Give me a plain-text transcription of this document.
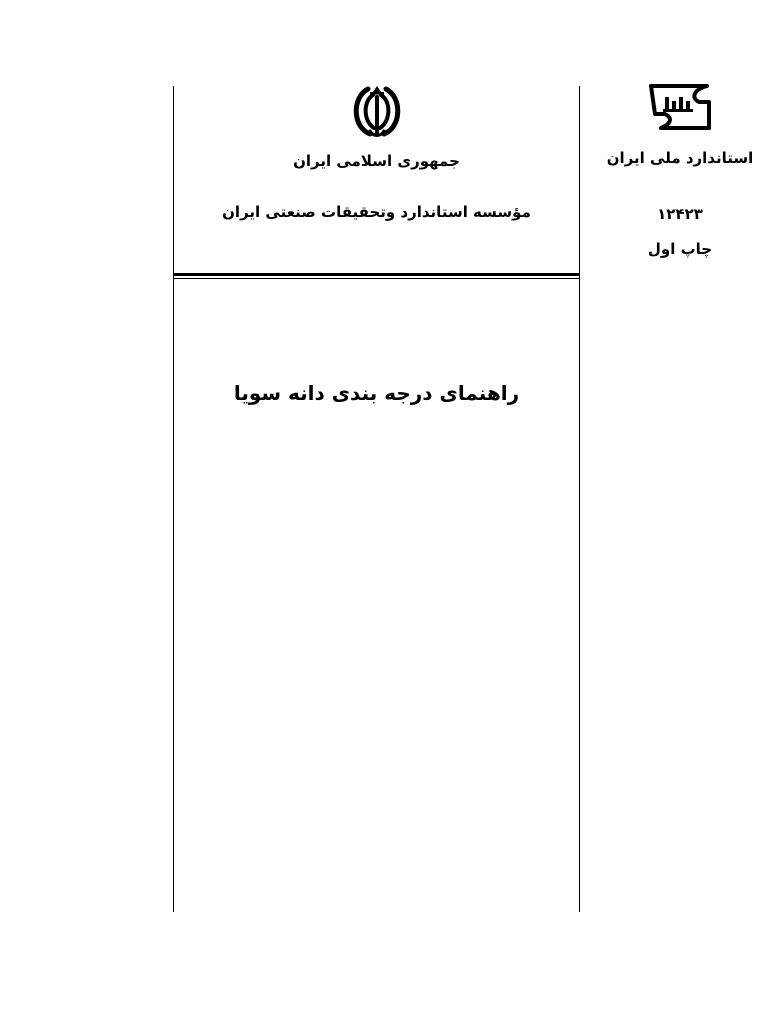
جمهوری اسلامی ایران
مؤسسه استاندارد وتحقیقات صنعتی ایران
راهنمای درجه بندی دانه سویا
استاندارد ملی ایران
۱۲۴۲۳
چاپ اول
